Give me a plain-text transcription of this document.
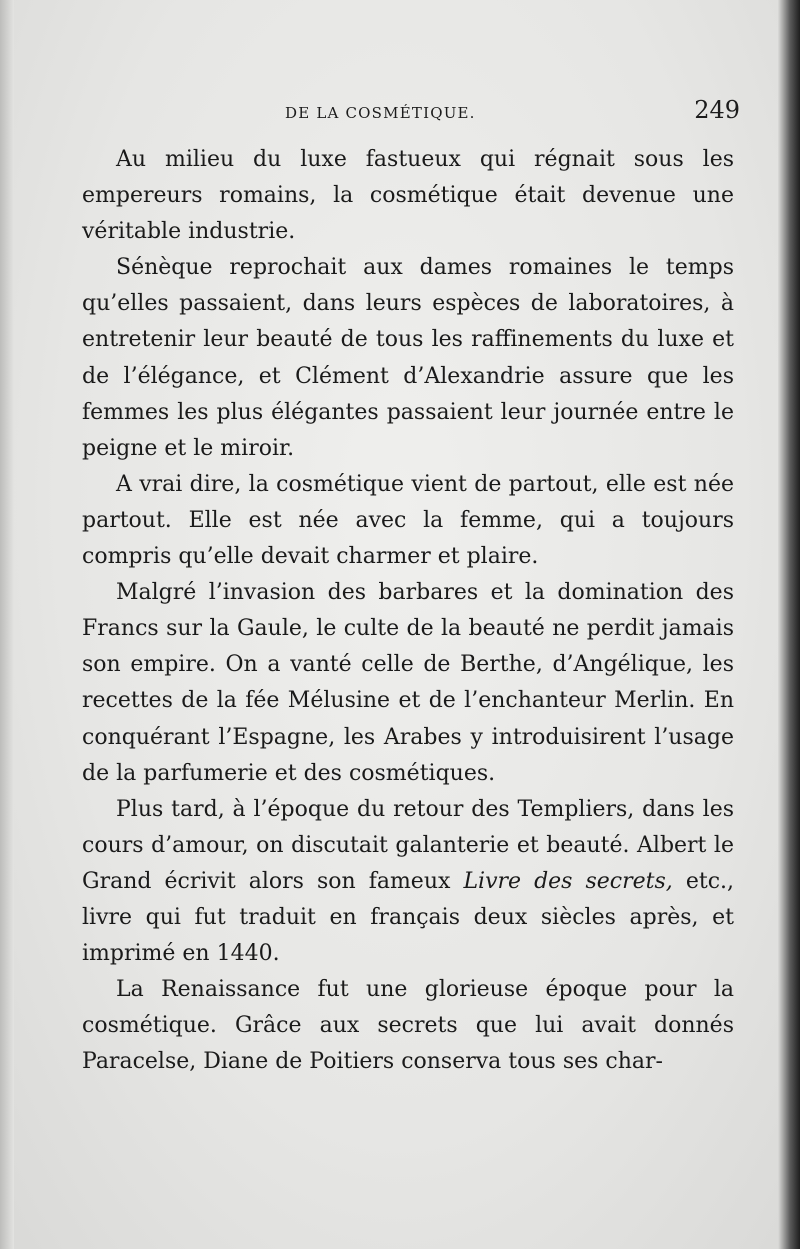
DE LA COSMÉTIQUE.	249

Au milieu du luxe fastueux qui régnait sous les empereurs romains, la cosmétique était devenue une véritable industrie.

Sénèque reprochait aux dames romaines le temps qu’elles passaient, dans leurs espèces de laboratoires, à entretenir leur beauté de tous les raffinements du luxe et de l’élégance, et Clément d’Alexandrie assure que les femmes les plus élégantes passaient leur journée entre le peigne et le miroir.

A vrai dire, la cosmétique vient de partout, elle est née partout. Elle est née avec la femme, qui a toujours compris qu’elle devait charmer et plaire.

Malgré l’invasion des barbares et la domination des Francs sur la Gaule, le culte de la beauté ne perdit jamais son empire. On a vanté celle de Berthe, d’Angélique, les recettes de la fée Mélusine et de l’enchanteur Merlin. En conquérant l’Espagne, les Arabes y introduisirent l’usage de la parfumerie et des cosmétiques.

Plus tard, à l’époque du retour des Templiers, dans les cours d’amour, on discutait galanterie et beauté. Albert le Grand écrivit alors son fameux Livre des secrets, etc., livre qui fut traduit en français deux siècles après, et imprimé en 1440.

La Renaissance fut une glorieuse époque pour la cosmétique. Grâce aux secrets que lui avait donnés Paracelse, Diane de Poitiers conserva tous ses char-
